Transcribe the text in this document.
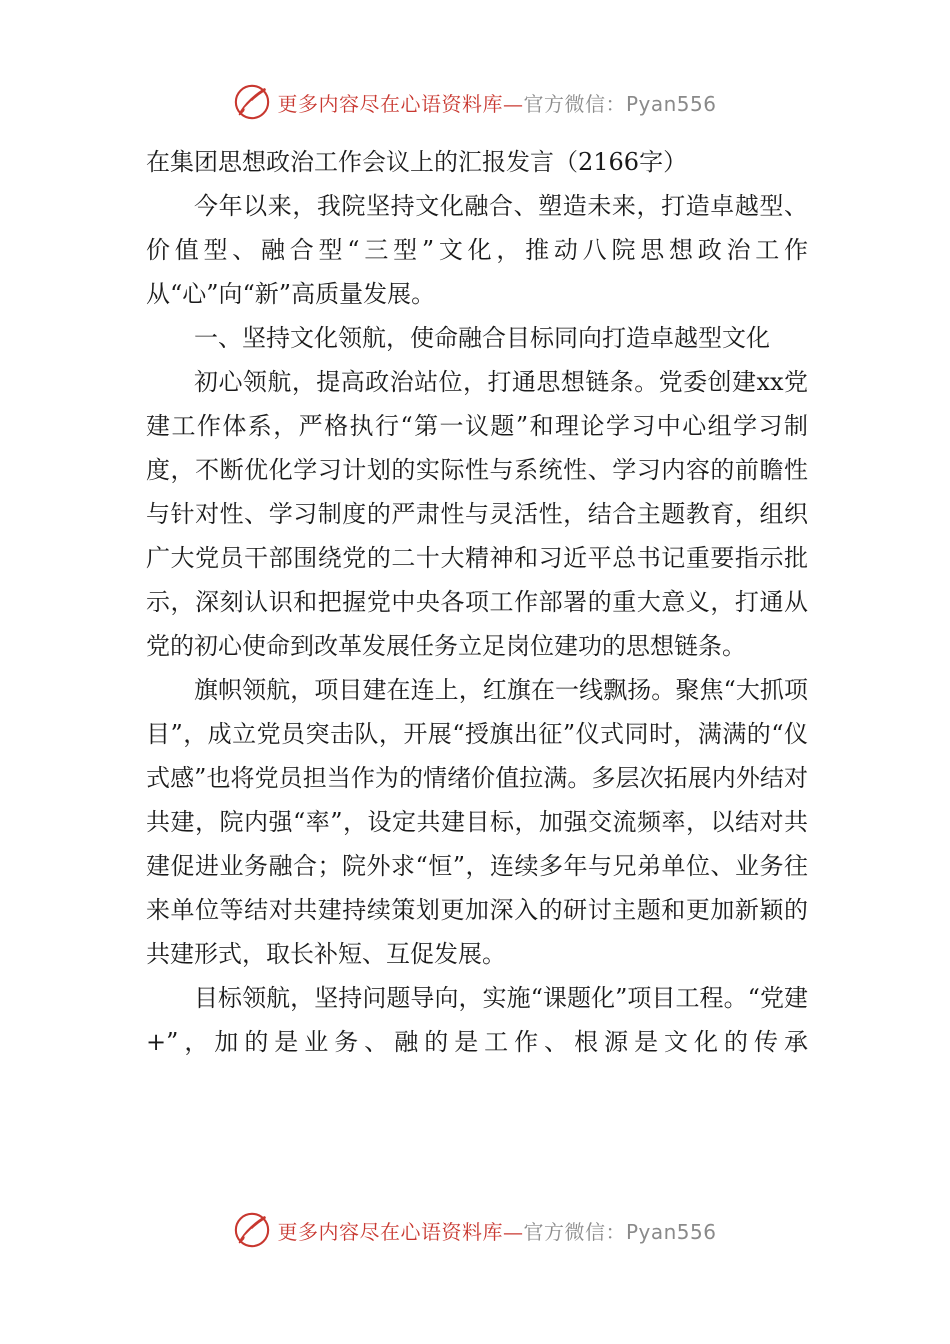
更多内容尽在心语资料库—官方微信：Pyan556

在集团思想政治工作会议上的汇报发言（2166字）

今年以来，我院坚持文化融合、塑造未来，打造卓越型、价值型、融合型“三型”文化，推动八院思想政治工作从“心”向“新”高质量发展。

一、坚持文化领航，使命融合目标同向打造卓越型文化

初心领航，提高政治站位，打通思想链条。党委创建xx党建工作体系，严格执行“第一议题”和理论学习中心组学习制度，不断优化学习计划的实际性与系统性、学习内容的前瞻性与针对性、学习制度的严肃性与灵活性，结合主题教育，组织广大党员干部围绕党的二十大精神和习近平总书记重要指示批示，深刻认识和把握党中央各项工作部署的重大意义，打通从党的初心使命到改革发展任务立足岗位建功的思想链条。

旗帜领航，项目建在连上，红旗在一线飘扬。聚焦“大抓项目”，成立党员突击队，开展“授旗出征”仪式同时，满满的“仪式感”也将党员担当作为的情绪价值拉满。多层次拓展内外结对共建，院内强“率”，设定共建目标，加强交流频率，以结对共建促进业务融合；院外求“恒”，连续多年与兄弟单位、业务往来单位等结对共建持续策划更加深入的研讨主题和更加新颖的共建形式，取长补短、互促发展。

目标领航，坚持问题导向，实施“课题化”项目工程。“党建+”，加的是业务、融的是工作、根源是文化的传承

更多内容尽在心语资料库—官方微信：Pyan556
